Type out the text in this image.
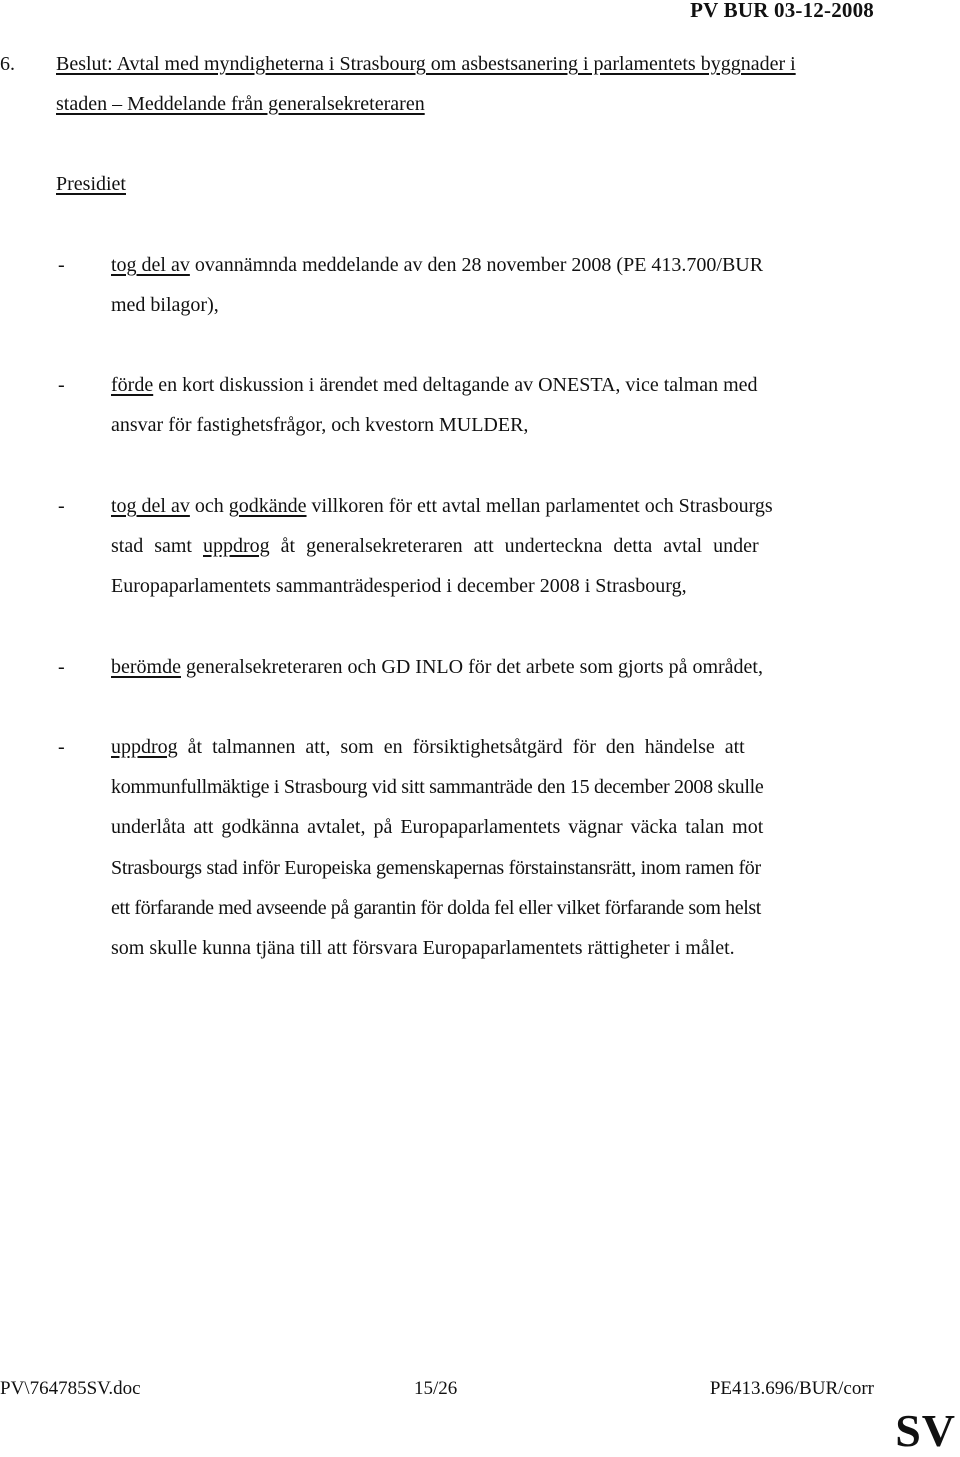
PV BUR 03-12-2008
6. Beslut: Avtal med myndigheterna i Strasbourg om asbestsanering i parlamentets byggnader i
staden – Meddelande från generalsekreteraren
Presidiet
- tog del av ovannämnda meddelande av den 28 november 2008 (PE 413.700/BUR
med bilagor),
- förde en kort diskussion i ärendet med deltagande av ONESTA, vice talman med
ansvar för fastighetsfrågor, och kvestorn MULDER,
- tog del av och godkände villkoren för ett avtal mellan parlamentet och Strasbourgs
stad samt uppdrog åt generalsekreteraren att underteckna detta avtal under
Europaparlamentets sammanträdesperiod i december 2008 i Strasbourg,
- berömde generalsekreteraren och GD INLO för det arbete som gjorts på området,
- uppdrog åt talmannen att, som en försiktighetsåtgärd för den händelse att
kommunfullmäktige i Strasbourg vid sitt sammanträde den 15 december 2008 skulle
underlåta att godkänna avtalet, på Europaparlamentets vägnar väcka talan mot
Strasbourgs stad inför Europeiska gemenskapernas förstainstansrätt, inom ramen för
ett förfarande med avseende på garantin för dolda fel eller vilket förfarande som helst
som skulle kunna tjäna till att försvara Europaparlamentets rättigheter i målet.
PV\764785SV.doc	15/26	PE413.696/BUR/corr
SV
